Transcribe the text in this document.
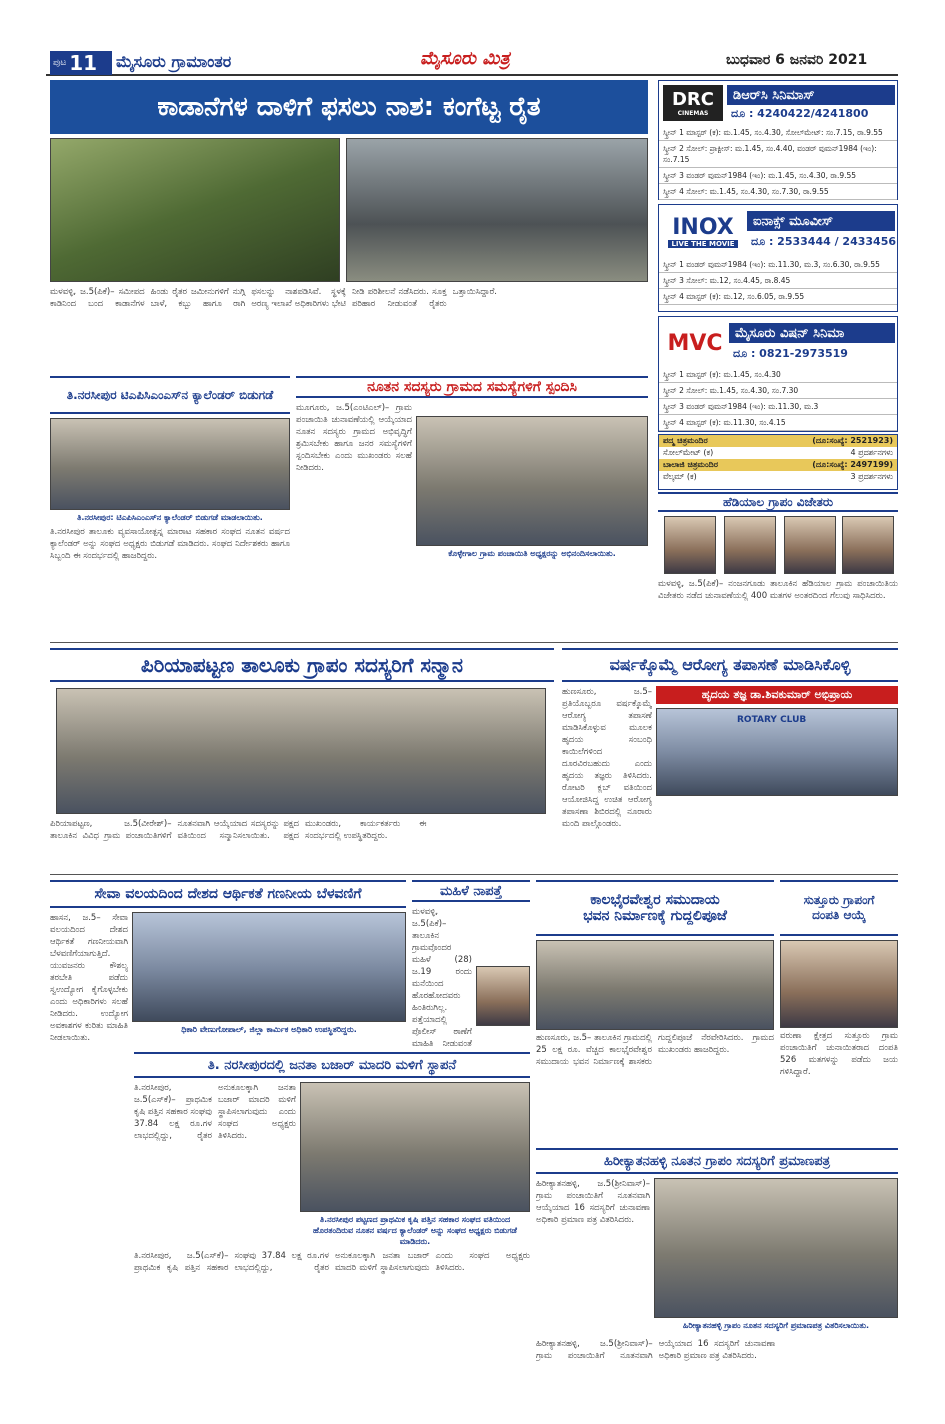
ಪುಟ 11 ಮೈಸೂರು ಗ್ರಾಮಾಂತರ	ಮೈಸೂರು ಮಿತ್ರ	ಬುಧವಾರ 6 ಜನವರಿ 2021
ಕಾಡಾನೆಗಳ ದಾಳಿಗೆ ಫಸಲು ನಾಶ: ಕಂಗೆಟ್ಟ ರೈತ
ಮಳವಳ್ಳಿ, ಜ.5(ಪಿಕೆ)– ಸಮೀಪದ ಕಾಡಿನಿಂದ ಬಂದ ಕಾಡಾನೆಗಳ ಹಿಂಡು ರೈತರ ಜಮೀನುಗಳಿಗೆ ನುಗ್ಗಿ ಬಾಳೆ, ಕಬ್ಬು ಹಾಗೂ ರಾಗಿ ಫಸಲನ್ನು ನಾಶಪಡಿಸಿವೆ. ಸ್ಥಳಕ್ಕೆ ಅರಣ್ಯ ಇಲಾಖೆ ಅಧಿಕಾರಿಗಳು ಭೇಟಿ ನೀಡಿ ಪರಿಶೀಲನೆ ನಡೆಸಿದರು. ಸೂಕ್ತ ಪರಿಹಾರ ನೀಡುವಂತೆ ರೈತರು ಒತ್ತಾಯಿಸಿದ್ದಾರೆ.
DRC
CINEMAS
ಡಿಆರ್‌ಸಿ ಸಿನಿಮಾಸ್
ದೂ : 4240422/4241800
ಸ್ಕ್ರೀನ್ 1 ಮಾಸ್ಟರ್ (ಕ): ಮ.1.45, ಸಂ.4.30, ಸೋಲ್‌ಮೇಟ್: ಸಂ.7.15, ರಾ.9.55
ಸ್ಕ್ರೀನ್ 2 ಸೋಲ್: ಪ್ರಾಕ್ಟೀಸ್: ಮ.1.45, ಸಂ.4.40, ವಂಡರ್ ವುಮನ್1984 (ಇಂ): ಸಂ.7.15
ಸ್ಕ್ರೀನ್ 3 ವಂಡರ್ ವುಮನ್1984 (ಇಂ): ಮ.1.45, ಸಂ.4.30, ರಾ.9.55
ಸ್ಕ್ರೀನ್ 4 ಸೋಲ್: ಮ.1.45, ಸಂ.4.30, ಸಂ.7.30, ರಾ.9.55
INOX
LIVE THE MOVIE
ಐನಾಕ್ಸ್ ಮೂವೀಸ್
ದೂ : 2533444 / 2433456
ಸ್ಕ್ರೀನ್ 1 ವಂಡರ್ ವುಮನ್1984 (ಇಂ): ಮ.11.30, ಮ.3, ಸಂ.6.30, ರಾ.9.55
ಸ್ಕ್ರೀನ್ 3 ಸೋಲ್: ಮ.12, ಸಂ.4.45, ರಾ.8.45
ಸ್ಕ್ರೀನ್ 4 ಮಾಸ್ಟರ್ (ಕ): ಮ.12, ಸಂ.6.05, ರಾ.9.55
MVC ಮೈಸೂರು ವಿಷನ್ ಸಿನಿಮಾ
ದೂ : 0821-2973519
ಸ್ಕ್ರೀನ್ 1 ಮಾಸ್ಟರ್ (ಕ): ಮ.1.45, ಸಂ.4.30
ಸ್ಕ್ರೀನ್ 2 ಸೋಲ್: ಮ.1.45, ಸಂ.4.30, ಸಂ.7.30
ಸ್ಕ್ರೀನ್ 3 ವಂಡರ್ ವುಮನ್1984 (ಇಂ): ಮ.11.30, ಮ.3
ಸ್ಕ್ರೀನ್ 4 ಮಾಸ್ಟರ್ (ಕ): ಮ.11.30, ಸಂ.4.15
ಪದ್ಮ ಚಿತ್ರಮಂದಿರ	(ದೂ:ಸಂಖ್ಯೆ: 2521923)
ಸೋಲ್‌ಮೇಟ್ (ಕ)	4 ಪ್ರದರ್ಶನಗಳು
ಬಾಲಾಜಿ ಚಿತ್ರಮಂದಿರ	(ದೂ:ಸಂಖ್ಯೆ: 2497199)
ವೆಲ್ಕಮ್ (ಕ)	3 ಪ್ರದರ್ಶನಗಳು
ಹೆಡಿಯಾಲ ಗ್ರಾಪಂ ವಿಜೇತರು
ಮಳವಳ್ಳಿ, ಜ.5(ಪಿಕೆ)– ನಂಜನಗೂಡು ತಾಲೂಕಿನ ಹೆಡಿಯಾಲ ಗ್ರಾಮ ಪಂಚಾಯಿತಿಯ ವಿಜೇತರು ನಡೆದ ಚುನಾವಣೆಯಲ್ಲಿ 400 ಮತಗಳ ಅಂತರದಿಂದ ಗೆಲುವು ಸಾಧಿಸಿದರು.
ತಿ.ನರಸೀಪುರ ಟಿಎಪಿಸಿಎಂಎಸ್‌ನ ಕ್ಯಾಲೆಂಡರ್ ಬಿಡುಗಡೆ
ತಿ.ನರಸೀಪುರ: ಟಿಎಪಿಸಿಎಂಎಸ್‌ನ ಕ್ಯಾಲೆಂಡರ್ ಬಿಡುಗಡೆ ಮಾಡಲಾಯಿತು.
ತಿ.ನರಸೀಪುರ ತಾಲೂಕು ವ್ಯವಸಾಯೋತ್ಪನ್ನ ಮಾರಾಟ ಸಹಕಾರ ಸಂಘದ ನೂತನ ವರ್ಷದ ಕ್ಯಾಲೆಂಡರ್ ಅನ್ನು ಸಂಘದ ಅಧ್ಯಕ್ಷರು ಬಿಡುಗಡೆ ಮಾಡಿದರು. ಸಂಘದ ನಿರ್ದೇಶಕರು ಹಾಗೂ ಸಿಬ್ಬಂದಿ ಈ ಸಂದರ್ಭದಲ್ಲಿ ಹಾಜರಿದ್ದರು.
ನೂತನ ಸದಸ್ಯರು ಗ್ರಾಮದ ಸಮಸ್ಯೆಗಳಿಗೆ ಸ್ಪಂದಿಸಿ
ಮೂಗೂರು, ಜ.5(ಎಂಟಿಎಲ್)– ಗ್ರಾಮ ಪಂಚಾಯಿತಿ ಚುನಾವಣೆಯಲ್ಲಿ ಆಯ್ಕೆಯಾದ ನೂತನ ಸದಸ್ಯರು ಗ್ರಾಮದ ಅಭಿವೃದ್ಧಿಗೆ ಶ್ರಮಿಸಬೇಕು ಹಾಗೂ ಜನರ ಸಮಸ್ಯೆಗಳಿಗೆ ಸ್ಪಂದಿಸಬೇಕು ಎಂದು ಮುಖಂಡರು ಸಲಹೆ ನೀಡಿದರು.
ಕೊಳ್ಳೇಗಾಲ ಗ್ರಾಮ ಪಂಚಾಯಿತಿ ಅಧ್ಯಕ್ಷರನ್ನು ಅಭಿನಂದಿಸಲಾಯಿತು.
ಪಿರಿಯಾಪಟ್ಟಣ ತಾಲೂಕು ಗ್ರಾಪಂ ಸದಸ್ಯರಿಗೆ ಸನ್ಮಾನ
ಪಿರಿಯಾಪಟ್ಟಣ, ಜ.5(ವೀರೇಶ್)– ತಾಲೂಕಿನ ವಿವಿಧ ಗ್ರಾಮ ಪಂಚಾಯಿತಿಗಳಿಗೆ ನೂತನವಾಗಿ ಆಯ್ಕೆಯಾದ ಸದಸ್ಯರನ್ನು ಪಕ್ಷದ ವತಿಯಿಂದ ಸನ್ಮಾನಿಸಲಾಯಿತು. ಪಕ್ಷದ ಮುಖಂಡರು, ಕಾರ್ಯಕರ್ತರು ಈ ಸಂದರ್ಭದಲ್ಲಿ ಉಪಸ್ಥಿತರಿದ್ದರು.
ವರ್ಷಕ್ಕೊಮ್ಮೆ ಆರೋಗ್ಯ ತಪಾಸಣೆ ಮಾಡಿಸಿಕೊಳ್ಳಿ
ಹೃದಯ ತಜ್ಞ ಡಾ.ಶಿವಕುಮಾರ್ ಅಭಿಪ್ರಾಯ
ROTARY CLUB
ಹುಣಸೂರು, ಜ.5– ಪ್ರತಿಯೊಬ್ಬರೂ ವರ್ಷಕ್ಕೊಮ್ಮೆ ಆರೋಗ್ಯ ತಪಾಸಣೆ ಮಾಡಿಸಿಕೊಳ್ಳುವ ಮೂಲಕ ಹೃದಯ ಸಂಬಂಧಿ ಕಾಯಿಲೆಗಳಿಂದ ದೂರವಿರಬಹುದು ಎಂದು ಹೃದಯ ತಜ್ಞರು ತಿಳಿಸಿದರು. ರೋಟರಿ ಕ್ಲಬ್ ವತಿಯಿಂದ ಆಯೋಜಿಸಿದ್ದ ಉಚಿತ ಆರೋಗ್ಯ ತಪಾಸಣಾ ಶಿಬಿರದಲ್ಲಿ ನೂರಾರು ಮಂದಿ ಪಾಲ್ಗೊಂಡರು.
ಸೇವಾ ವಲಯದಿಂದ ದೇಶದ ಆರ್ಥಿಕತೆ ಗಣನೀಯ ಬೆಳವಣಿಗೆ
ಧಿಕಾರಿ ವೇಣುಗೋಪಾಲ್, ಜಿಲ್ಲಾ ಕಾರ್ಮಿಕ ಅಧಿಕಾರಿ ಉಪಸ್ಥಿತರಿದ್ದರು.
ಹಾಸನ, ಜ.5– ಸೇವಾ ವಲಯದಿಂದ ದೇಶದ ಆರ್ಥಿಕತೆ ಗಣನೀಯವಾಗಿ ಬೆಳವಣಿಗೆಯಾಗುತ್ತಿದೆ. ಯುವಜನರು ಕೌಶಲ್ಯ ತರಬೇತಿ ಪಡೆದು ಸ್ವಉದ್ಯೋಗ ಕೈಗೊಳ್ಳಬೇಕು ಎಂದು ಅಧಿಕಾರಿಗಳು ಸಲಹೆ ನೀಡಿದರು. ಉದ್ಯೋಗ ಅವಕಾಶಗಳ ಕುರಿತು ಮಾಹಿತಿ ನೀಡಲಾಯಿತು.
ಮಹಿಳೆ ನಾಪತ್ತೆ
ಮಳವಳ್ಳಿ, ಜ.5(ಪಿಕೆ)– ತಾಲೂಕಿನ ಗ್ರಾಮವೊಂದರ ಮಹಿಳೆ (28) ಜ.19 ರಂದು ಮನೆಯಿಂದ ಹೊರಹೋದವರು ಹಿಂತಿರುಗಿಲ್ಲ. ಪತ್ತೆಯಾದಲ್ಲಿ ಪೊಲೀಸ್ ಠಾಣೆಗೆ ಮಾಹಿತಿ ನೀಡುವಂತೆ
ಕಾಲಭೈರವೇಶ್ವರ ಸಮುದಾಯ
ಭವನ ನಿರ್ಮಾಣಕ್ಕೆ ಗುದ್ದಲಿಪೂಜೆ
ಹುಣಸೂರು, ಜ.5– ತಾಲೂಕಿನ ಗ್ರಾಮದಲ್ಲಿ 25 ಲಕ್ಷ ರೂ. ವೆಚ್ಚದ ಕಾಲಭೈರವೇಶ್ವರ ಸಮುದಾಯ ಭವನ ನಿರ್ಮಾಣಕ್ಕೆ ಶಾಸಕರು ಗುದ್ದಲಿಪೂಜೆ ನೆರವೇರಿಸಿದರು. ಗ್ರಾಮದ ಮುಖಂಡರು ಹಾಜರಿದ್ದರು.
ಸುತ್ತೂರು ಗ್ರಾಪಂಗೆ
ದಂಪತಿ ಆಯ್ಕೆ
ವರುಣಾ ಕ್ಷೇತ್ರದ ಸುತ್ತೂರು ಗ್ರಾಮ ಪಂಚಾಯಿತಿಗೆ ಚುನಾಯಿತರಾದ ದಂಪತಿ 526 ಮತಗಳನ್ನು ಪಡೆದು ಜಯ ಗಳಿಸಿದ್ದಾರೆ.
ತಿ. ನರಸೀಪುರದಲ್ಲಿ ಜನತಾ ಬಜಾರ್ ಮಾದರಿ ಮಳಿಗೆ ಸ್ಥಾಪನೆ
ತಿ.ನರಸೀಪುರ, ಜ.5(ಎಸ್‌ಕೆ)– ಪ್ರಾಥಮಿಕ ಕೃಷಿ ಪತ್ತಿನ ಸಹಕಾರ ಸಂಘವು 37.84 ಲಕ್ಷ ರೂ.ಗಳ ಲಾಭದಲ್ಲಿದ್ದು, ರೈತರ ಅನುಕೂಲಕ್ಕಾಗಿ ಜನತಾ ಬಜಾರ್ ಮಾದರಿ ಮಳಿಗೆ ಸ್ಥಾಪಿಸಲಾಗುವುದು ಎಂದು ಸಂಘದ ಅಧ್ಯಕ್ಷರು ತಿಳಿಸಿದರು.
ತಿ.ನರಸೀಪುರ ಪಟ್ಟಣದ ಪ್ರಾಥಮಿಕ ಕೃಷಿ ಪತ್ತಿನ ಸಹಕಾರ ಸಂಘದ ವತಿಯಿಂದ ಹೊರತಂದಿರುವ ನೂತನ ವರ್ಷದ ಕ್ಯಾಲೆಂಡರ್ ಅನ್ನು ಸಂಘದ ಅಧ್ಯಕ್ಷರು ಬಿಡುಗಡೆ ಮಾಡಿದರು.
ಹಿರೀಕ್ಯಾತನಹಳ್ಳಿ ನೂತನ ಗ್ರಾಪಂ ಸದಸ್ಯರಿಗೆ ಪ್ರಮಾಣಪತ್ರ
ಹಿರೀಕ್ಯಾತನಹಳ್ಳಿ, ಜ.5(ಶ್ರೀನಿವಾಸ್)– ಗ್ರಾಮ ಪಂಚಾಯಿತಿಗೆ ನೂತನವಾಗಿ ಆಯ್ಕೆಯಾದ 16 ಸದಸ್ಯರಿಗೆ ಚುನಾವಣಾ ಅಧಿಕಾರಿ ಪ್ರಮಾಣ ಪತ್ರ ವಿತರಿಸಿದರು.
ಹಿರೀಕ್ಯಾತನಹಳ್ಳಿ ಗ್ರಾಪಂ ನೂತನ ಸದಸ್ಯರಿಗೆ ಪ್ರಮಾಣಪತ್ರ ವಿತರಿಸಲಾಯಿತು.
ತಿ.ನರಸೀಪುರ, ಜ.5(ಎಸ್‌ಕೆ)– ಪ್ರಾಥಮಿಕ ಕೃಷಿ ಪತ್ತಿನ ಸಹಕಾರ ಸಂಘವು 37.84 ಲಕ್ಷ ರೂ.ಗಳ ಲಾಭದಲ್ಲಿದ್ದು, ರೈತರ ಅನುಕೂಲಕ್ಕಾಗಿ ಜನತಾ ಬಜಾರ್ ಮಾದರಿ ಮಳಿಗೆ ಸ್ಥಾಪಿಸಲಾಗುವುದು ಎಂದು ಸಂಘದ ಅಧ್ಯಕ್ಷರು ತಿಳಿಸಿದರು.
ಹಿರೀಕ್ಯಾತನಹಳ್ಳಿ, ಜ.5(ಶ್ರೀನಿವಾಸ್)– ಗ್ರಾಮ ಪಂಚಾಯಿತಿಗೆ ನೂತನವಾಗಿ ಆಯ್ಕೆಯಾದ 16 ಸದಸ್ಯರಿಗೆ ಚುನಾವಣಾ ಅಧಿಕಾರಿ ಪ್ರಮಾಣ ಪತ್ರ ವಿತರಿಸಿದರು.
